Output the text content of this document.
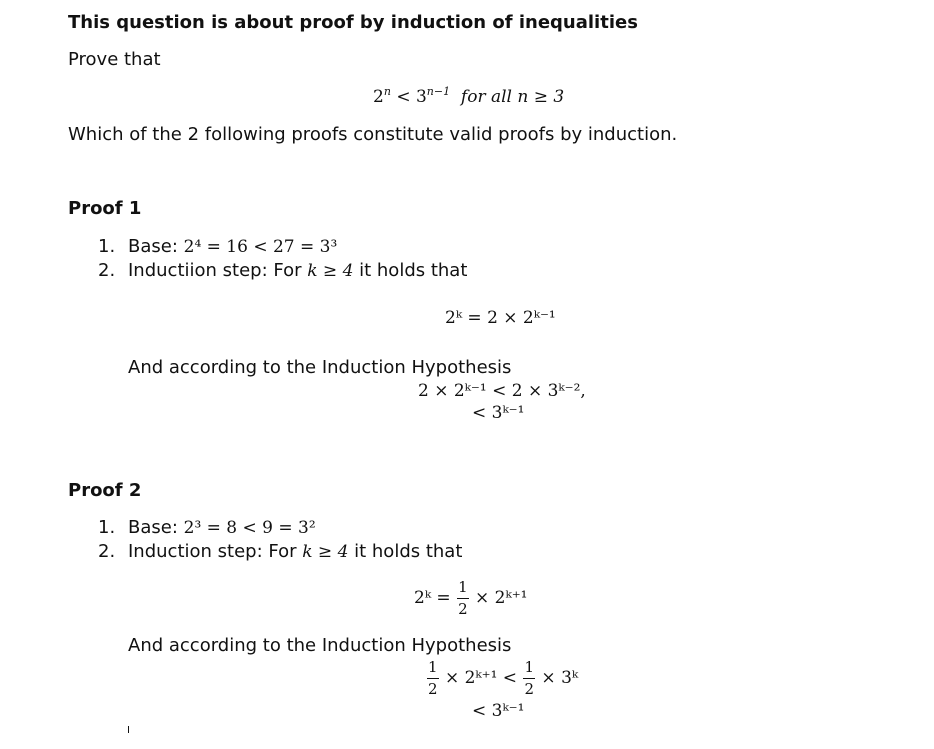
This question is about proof by induction of inequalities
Prove that
$2^n < 3^{n-1}$ for all n ≥ 3
Which of the 2 following proofs constitute valid proofs by induction.
Proof 1
1. Base: 2⁴ = 16 < 27 = 3³
2. Inductiion step: For k ≥ 4 it holds that
2ᵏ = 2 × 2ᵏ⁻¹
And according to the Induction Hypothesis
2 × 2ᵏ⁻¹ < 2 × 3ᵏ⁻²,
< 3ᵏ⁻¹
Proof 2
1. Base: 2³ = 8 < 9 = 3²
2. Induction step: For k ≥ 4 it holds that
2ᵏ = $\frac{1}{2}$ × 2ᵏ⁺¹
And according to the Induction Hypothesis
$\frac{1}{2}$ × 2ᵏ⁺¹ < $\frac{1}{2}$ × 3ᵏ
< 3ᵏ⁻¹
